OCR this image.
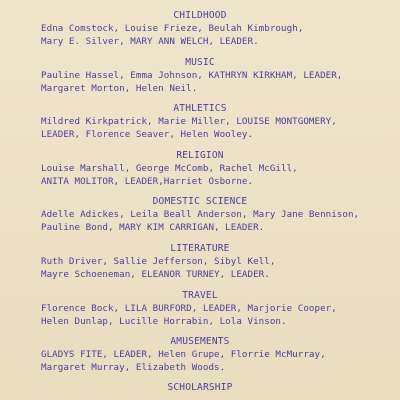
CHILDHOOD
Edna Comstock, Louise Frieze, Beulah Kimbrough,
Mary E. Silver, MARY ANN WELCH, LEADER.
MUSIC
Pauline Hassel, Emma Johnson, KATHRYN KIRKHAM, LEADER,
Margaret Morton, Helen Neil.
ATHLETICS
Mildred Kirkpatrick, Marie Miller, LOUISE MONTGOMERY,
LEADER, Florence Seaver, Helen Wooley.
RELIGION
Louise Marshall, George McComb, Rachel McGill,
ANITA MOLITOR, LEADER,Harriet Osborne.
DOMESTIC SCIENCE
Adelle Adickes, Leila Beall Anderson, Mary Jane Bennison,
Pauline Bond, MARY KIM CARRIGAN, LEADER.
LITERATURE
Ruth Driver, Sallie Jefferson, Sibyl Kell,
Mayre Schoeneman, ELEANOR TURNEY, LEADER.
TRAVEL
Florence Bock, LILA BURFORD, LEADER, Marjorie Cooper,
Helen Dunlap, Lucille Horrabin, Lola Vinson.
AMUSEMENTS
GLADYS FITE, LEADER, Helen Grupe, Florrie McMurray,
Margaret Murray, Elizabeth Woods.
SCHOLARSHIP
